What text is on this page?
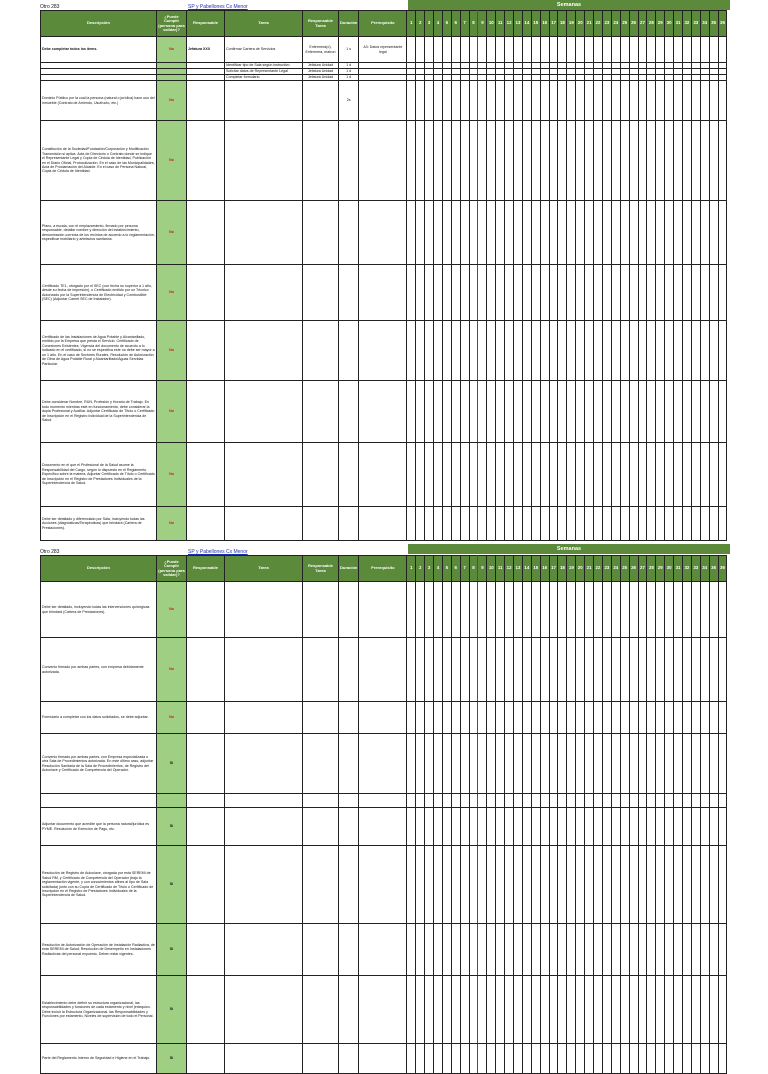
Otro 283	SP y Pabellones Cx Menor	Semanas
Descripción	¿Puede Cumplir (persona para validar)?	Responsable	Tarea	Responsable Tarea	Duración	Prerequisito	1	2	3	4	5	6	7	8	9	10	11	12	13	14	15	16	17	18	19	20	21	22	23	24	25	26	27	28	29	30	31	32	33	34	35	36
Debe completar todos los ítems.	No	Jefatura XXX	Confirmar Cartera de Servicios	Enfermera(o), Enfermera, matron	1 s	A3: Datos representante legal																																				
			Identificar tipo de Sala según instructivo	Jefatura Unidad	1 d																																					
			Solicitar datos de Representante Legal	Jefatura Unidad	1 d																																					
			Completar formulario	Jefatura Unidad	1 d																																					
Dominio Público por la cual la persona (natural o jurídica) hace uso del inmueble (Contrato de Arriendo, Usufructo, etc.)	No				2s																																					
Constitución de la Sociedad/Fundación/Corporación y Modificación Transmisión si aplica. Acta de Directorio o Contrato donde se indique el Representante Legal y Copia de Cédula de Identidad, Publicación en el Diario Oficial, Protocolización. En el caso de las Municipalidades, Acta de Proclamación del Alcalde. En el caso de Persona Natural, Copia de Cédula de Identidad.	No																																									
Plano, a escala, con el emplazamiento, firmado por persona responsable, detallar nombre y dirección del establecimiento, denominación correcta de los recintos de acuerdo a lo reglamentación, especificar mobiliario y artefactos sanitarios.	No																																									
Certificado TE1, otorgado por el SEC (con fecha no superior a 1 año, desde su fecha de impresión), o Certificado emitido por un Técnico Autorizado por la Superintendencia de Electricidad y Combustible (SEC) (Adjuntar Carnet SEC de Instalador).	No																																									
Certificado de las Instalaciones de Agua Potable y Alcantarillado, emitido por la Empresa que presta el Servicio. Certificado de Conexiones Existentes. Vigencia del documento de acuerdo a lo indicado en el certificado, si no se especifica este no debe ser mayor a un 1 año. En el caso de Sectores Rurales, Resolución de Autorización de Obra de Agua Potable Rural y Alcantarillado/Aguas Servidas Particular.	No																																									
Debe considerar Nombre, RUN, Profesión y Horario de Trabajo. En todo momento mientras esté en funcionamiento, debe considerar la dupla Profesional y Auxiliar. Adjuntar Certificado de Título o Certificado de Inscripción en el Registro Individual de la Superintendencia de Salud.	No																																									
Documento en el que el Profesional de la Salud asume la Responsabilidad del Cargo, según lo dispuesto en el Reglamento Específico sobre la materia. Adjuntar Certificado de Título o Certificado de Inscripción en el Registro de Prestadores Individuales de la Superintendencia de Salud.	No																																									
Debe ser detallado y diferenciado por Sala, incluyendo todas las Acciones (diagnósticas/Terapéuticas) que brindará (Cartera de Prestaciones).	No																																									
Otro 283	SP y Pabellones Cx Menor	Semanas
Descripción	¿Puede Cumplir (persona para validar)?	Responsable	Tarea	Responsable Tarea	Duración	Prerequisito	1	2	3	4	5	6	7	8	9	10	11	12	13	14	15	16	17	18	19	20	21	22	23	24	25	26	27	28	29	30	31	32	33	34	35	36
Debe ser detallado, incluyendo todas las intervenciones quirúrgicas que brindará (Cartera de Prestaciones).	No																																									
Convenio firmado por ambas partes, con empresa debidamente autorizada.	No																																									
Formulario a completar con los datos solicitados, se debe adjuntar.	No																																									
Convenio firmado por ambas partes, con Empresa especializada o otra Sala de Procedimientos autorizada. En este último caso, adjuntar Resolución Sanitaria de la Sala de Procedimientos, de Registro del Autoclave y Certificado de Competencia del Operador.	Si																																									

Adjuntar documento que acredite que la persona natural/jurídica es PYME. Resolución de Exención de Pago, etc.	Si																																									
Resolución de Registro de Autoclave, otorgada por esta SEREMI de Salud RM, y Certificado de Competencia del Operador (bajo la reglamentación vigente, y con conocimientos afines al tipo de Sala solicitada) junto con su Copia de Certificado de Título o Certificado de Inscripción en el Registro de Prestadores Individuales de la Superintendencia de Salud.	Si																																									
Resolución de Autorización de Operación de Instalación Radiactiva, de esta SEREMI de Salud; Resolución de Desempeño en Instalaciones Radiactivas del personal expuesto. Deben estar vigentes.	Si																																									
Establecimiento debe definir su estructura organizacional, las responsabilidades y funciones de cada estamento y nivel jerárquico. Debe incluir la Estructura Organizacional, las Responsabilidades y Funciones por estamento, Niveles de supervisión de todo el Personal.	Si																																									
Parte del Reglamento Interno de Seguridad e Higiene en el Trabajo.	Si																																									
